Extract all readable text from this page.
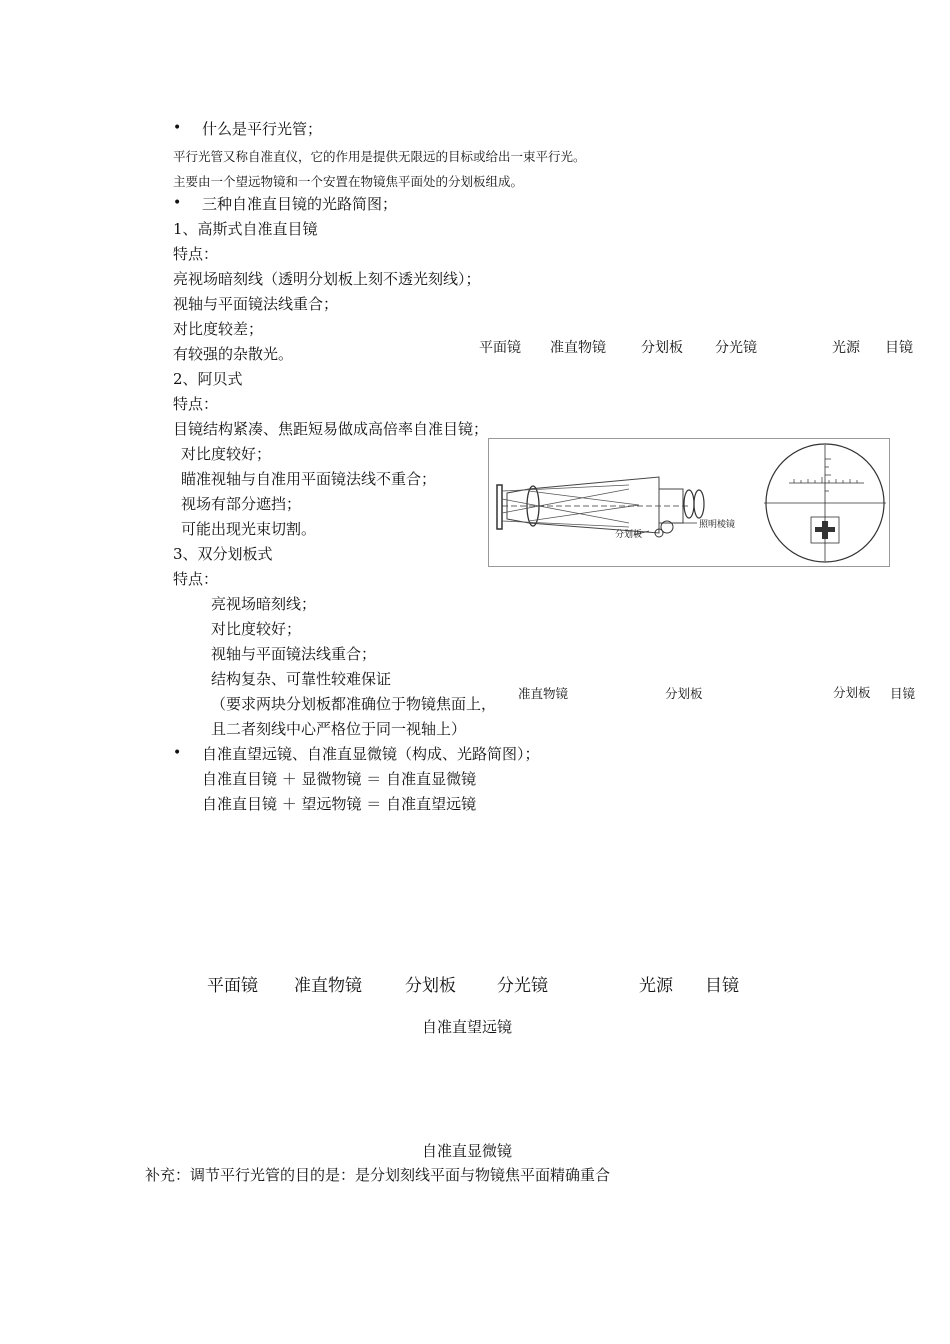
• 什么是平行光管；
平行光管又称自准直仪，它的作用是提供无限远的目标或给出一束平行光。
主要由一个望远物镜和一个安置在物镜焦平面处的分划板组成。
• 三种自准直目镜的光路简图；
1、高斯式自准直目镜
特点：
亮视场暗刻线（透明分划板上刻不透光刻线）；
视轴与平面镜法线重合；
对比度较差；
有较强的杂散光。	平面镜 准直物镜	分划板 分光镜	光源 目镜
2、阿贝式
特点：
目镜结构紧凑、焦距短易做成高倍率自准目镜；
对比度较好；
瞄准视轴与自准用平面镜法线不重合；
视场有部分遮挡；
可能出现光束切割。	分划板
照明棱镜
3、双分划板式
特点：
亮视场暗刻线；
对比度较好；
视轴与平面镜法线重合；
结构复杂、可靠性较难保证
（要求两块分划板都准确位于物镜焦面上，
且二者刻线中心严格位于同一视轴上）
准直物镜	分划板	分划板 目镜
• 自准直望远镜、自准直显微镜（构成、光路简图）；
自准直目镜 ＋ 显微物镜 ＝ 自准直显微镜
自准直目镜 ＋ 望远物镜 ＝ 自准直望远镜
平面镜 准直物镜	分划板 分光镜	光源 目镜
自准直望远镜
自准直显微镜
补充：调节平行光管的目的是：是分划刻线平面与物镜焦平面精确重合
